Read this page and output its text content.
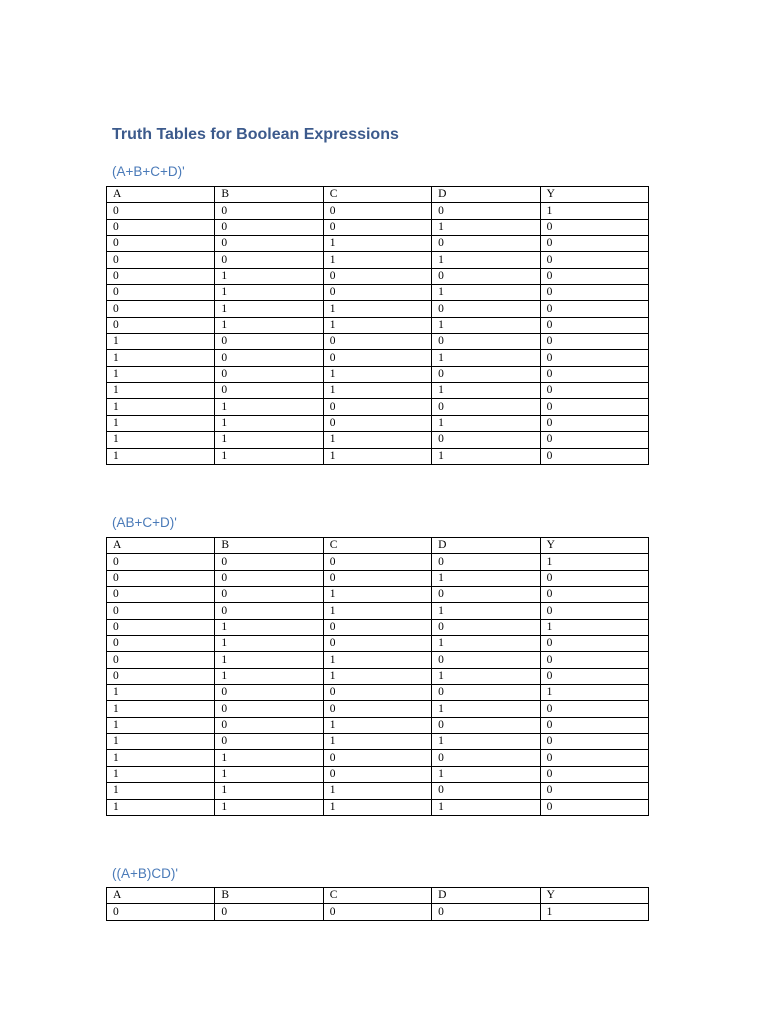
Truth Tables for Boolean Expressions
(A+B+C+D)'
A	B	C	D	Y
0	0	0	0	1
0	0	0	1	0
0	0	1	0	0
0	0	1	1	0
0	1	0	0	0
0	1	0	1	0
0	1	1	0	0
0	1	1	1	0
1	0	0	0	0
1	0	0	1	0
1	0	1	0	0
1	0	1	1	0
1	1	0	0	0
1	1	0	1	0
1	1	1	0	0
1	1	1	1	0
(AB+C+D)'
A	B	C	D	Y
0	0	0	0	1
0	0	0	1	0
0	0	1	0	0
0	0	1	1	0
0	1	0	0	1
0	1	0	1	0
0	1	1	0	0
0	1	1	1	0
1	0	0	0	1
1	0	0	1	0
1	0	1	0	0
1	0	1	1	0
1	1	0	0	0
1	1	0	1	0
1	1	1	0	0
1	1	1	1	0
((A+B)CD)'
A	B	C	D	Y
0	0	0	0	1
